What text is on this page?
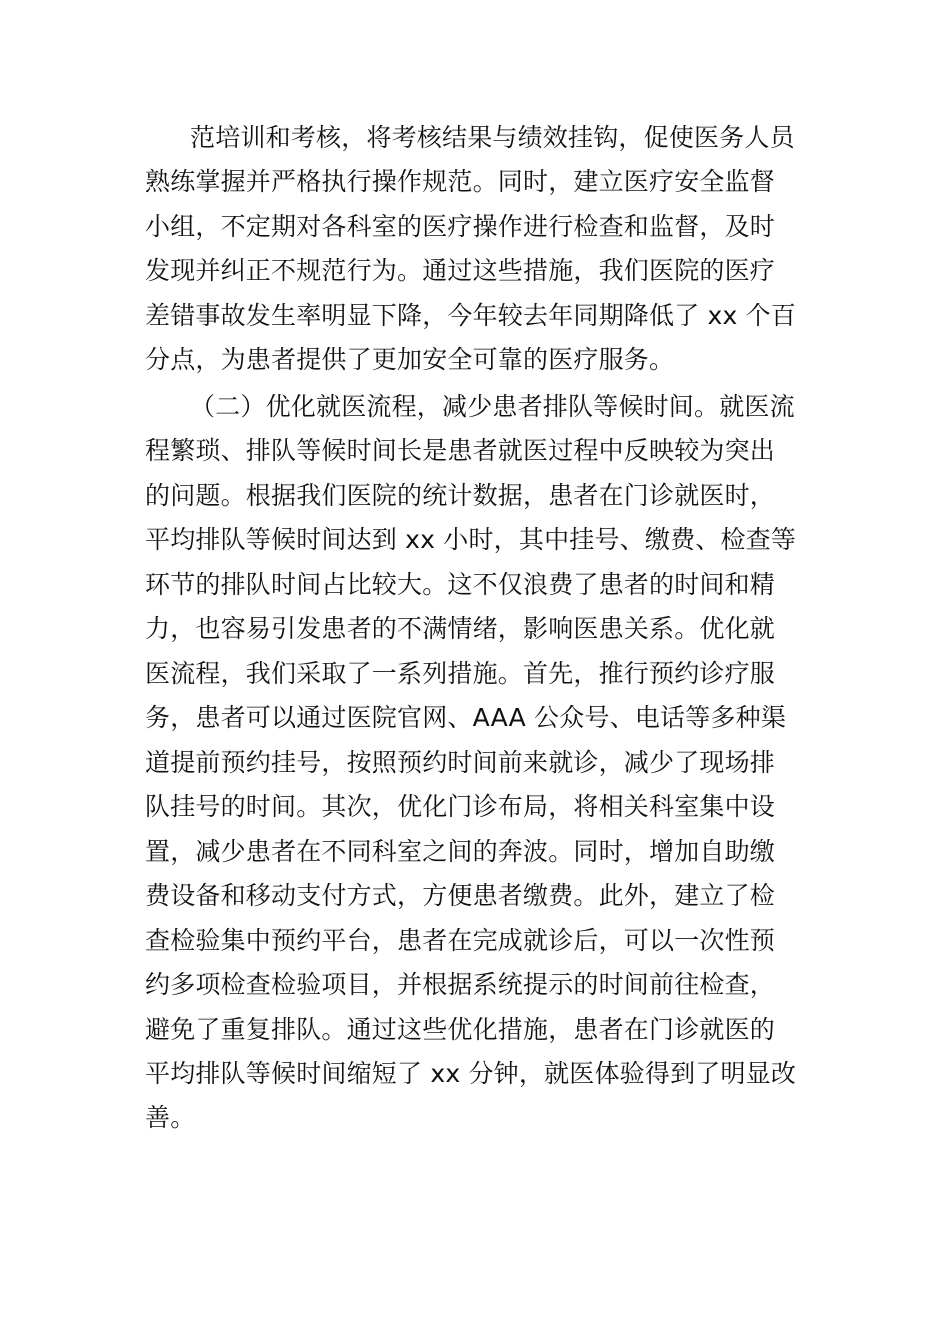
范培训和考核，将考核结果与绩效挂钩，促使医务人员
熟练掌握并严格执行操作规范。同时，建立医疗安全监督
小组，不定期对各科室的医疗操作进行检查和监督，及时
发现并纠正不规范行为。通过这些措施，我们医院的医疗
差错事故发生率明显下降，今年较去年同期降低了 xx 个百
分点，为患者提供了更加安全可靠的医疗服务。
（二）优化就医流程，减少患者排队等候时间。就医流
程繁琐、排队等候时间长是患者就医过程中反映较为突出
的问题。根据我们医院的统计数据，患者在门诊就医时，
平均排队等候时间达到 xx 小时，其中挂号、缴费、检查等
环节的排队时间占比较大。这不仅浪费了患者的时间和精
力，也容易引发患者的不满情绪，影响医患关系。优化就
医流程，我们采取了一系列措施。首先，推行预约诊疗服
务，患者可以通过医院官网、AAA 公众号、电话等多种渠
道提前预约挂号，按照预约时间前来就诊，减少了现场排
队挂号的时间。其次，优化门诊布局，将相关科室集中设
置，减少患者在不同科室之间的奔波。同时，增加自助缴
费设备和移动支付方式，方便患者缴费。此外，建立了检
查检验集中预约平台，患者在完成就诊后，可以一次性预
约多项检查检验项目，并根据系统提示的时间前往检查，
避免了重复排队。通过这些优化措施，患者在门诊就医的
平均排队等候时间缩短了 xx 分钟，就医体验得到了明显改
善。
